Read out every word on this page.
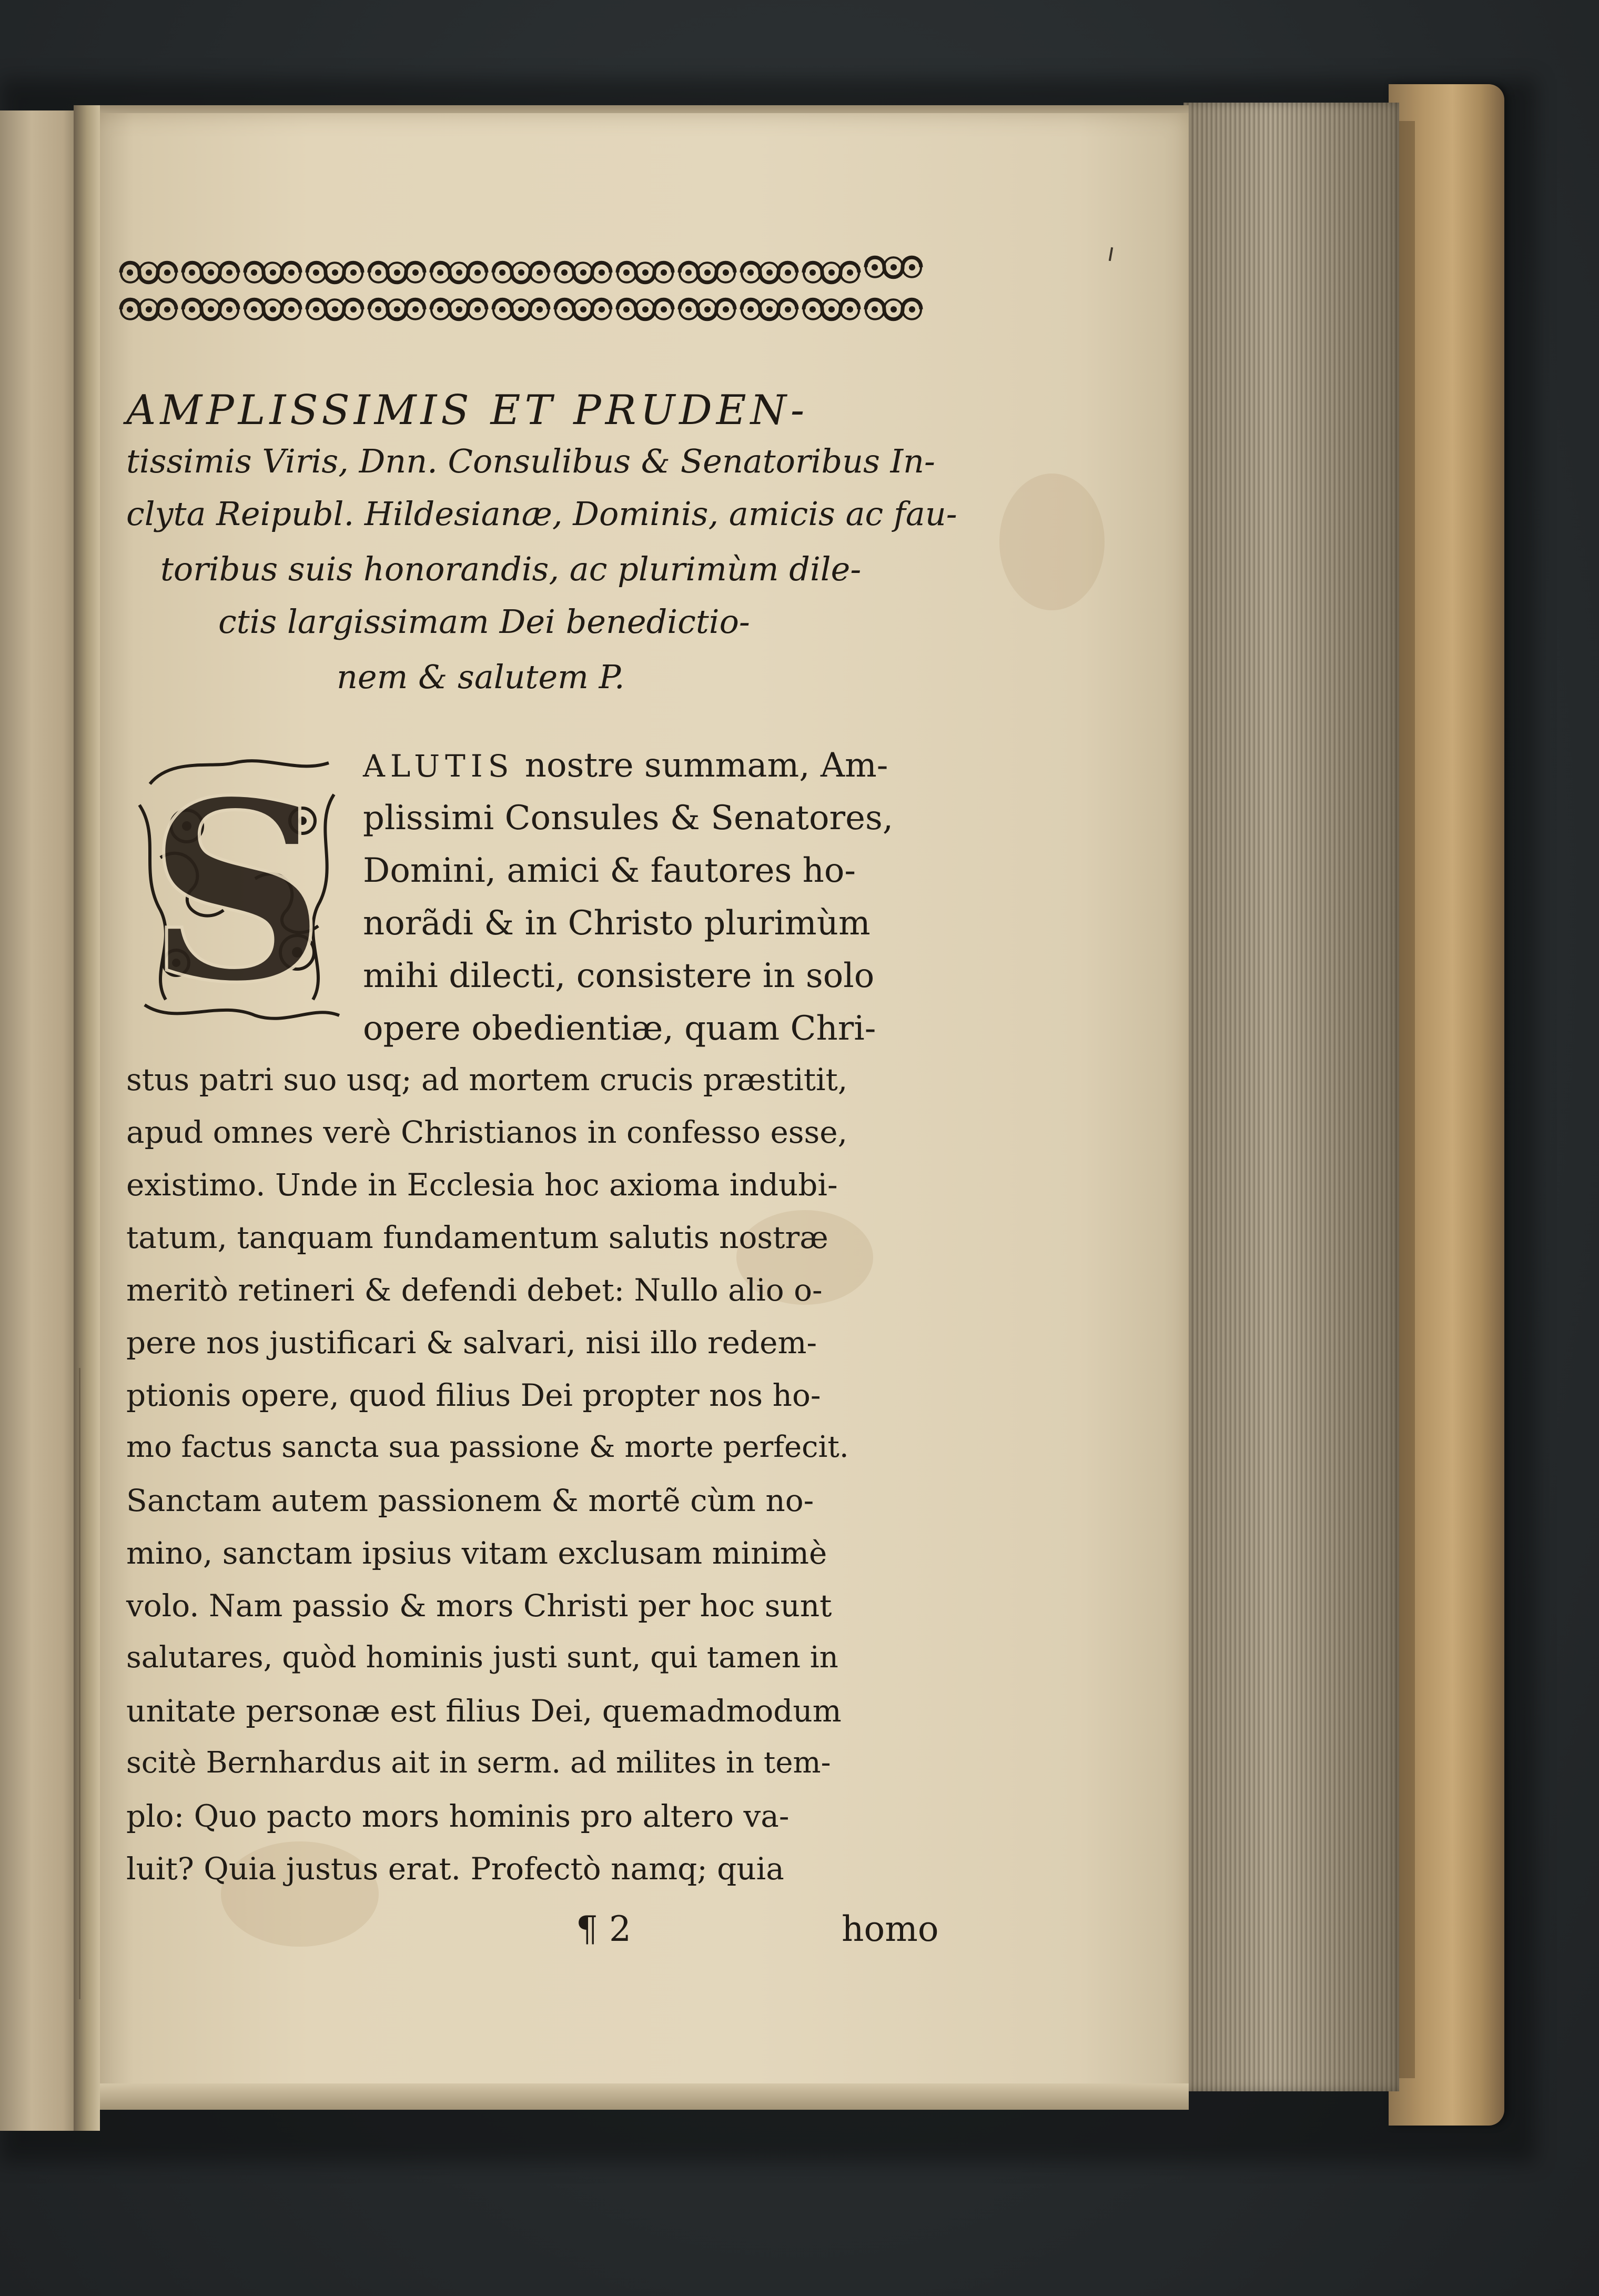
AMPLISSIMIS ET PRUDEN-
tissimis Viris, Dnn. Consulibus & Senatoribus In-
clyta Reipubl. Hildesianæ, Dominis, amicis ac fau-
toribus suis honorandis, ac plurimùm dile-
ctis largissimam Dei benedictio-
nem & salutem P.
S ALUTIS nostre summam, Am-
plissimi Consules & Senatores,
Domini, amici & fautores ho-
norãdi & in Christo plurimùm
mihi dilecti, consistere in solo
opere obedientiæ, quam Chri-
stus patri suo usq; ad mortem crucis præstitit,
apud omnes verè Christianos in confesso esse,
existimo. Unde in Ecclesia hoc axioma indubi-
tatum, tanquam fundamentum salutis nostræ
meritò retineri & defendi debet: Nullo alio o-
pere nos justificari & salvari, nisi illo redem-
ptionis opere, quod filius Dei propter nos ho-
mo factus sancta sua passione & morte perfecit.
Sanctam autem passionem & mortẽ cùm no-
mino, sanctam ipsius vitam exclusam minimè
volo. Nam passio & mors Christi per hoc sunt
salutares, quòd hominis justi sunt, qui tamen in
unitate personæ est filius Dei, quemadmodum
scitè Bernhardus ait in serm. ad milites in tem-
plo: Quo pacto mors hominis pro altero va-
luit? Quia justus erat. Profectò namq; quia
¶ 2	homo
